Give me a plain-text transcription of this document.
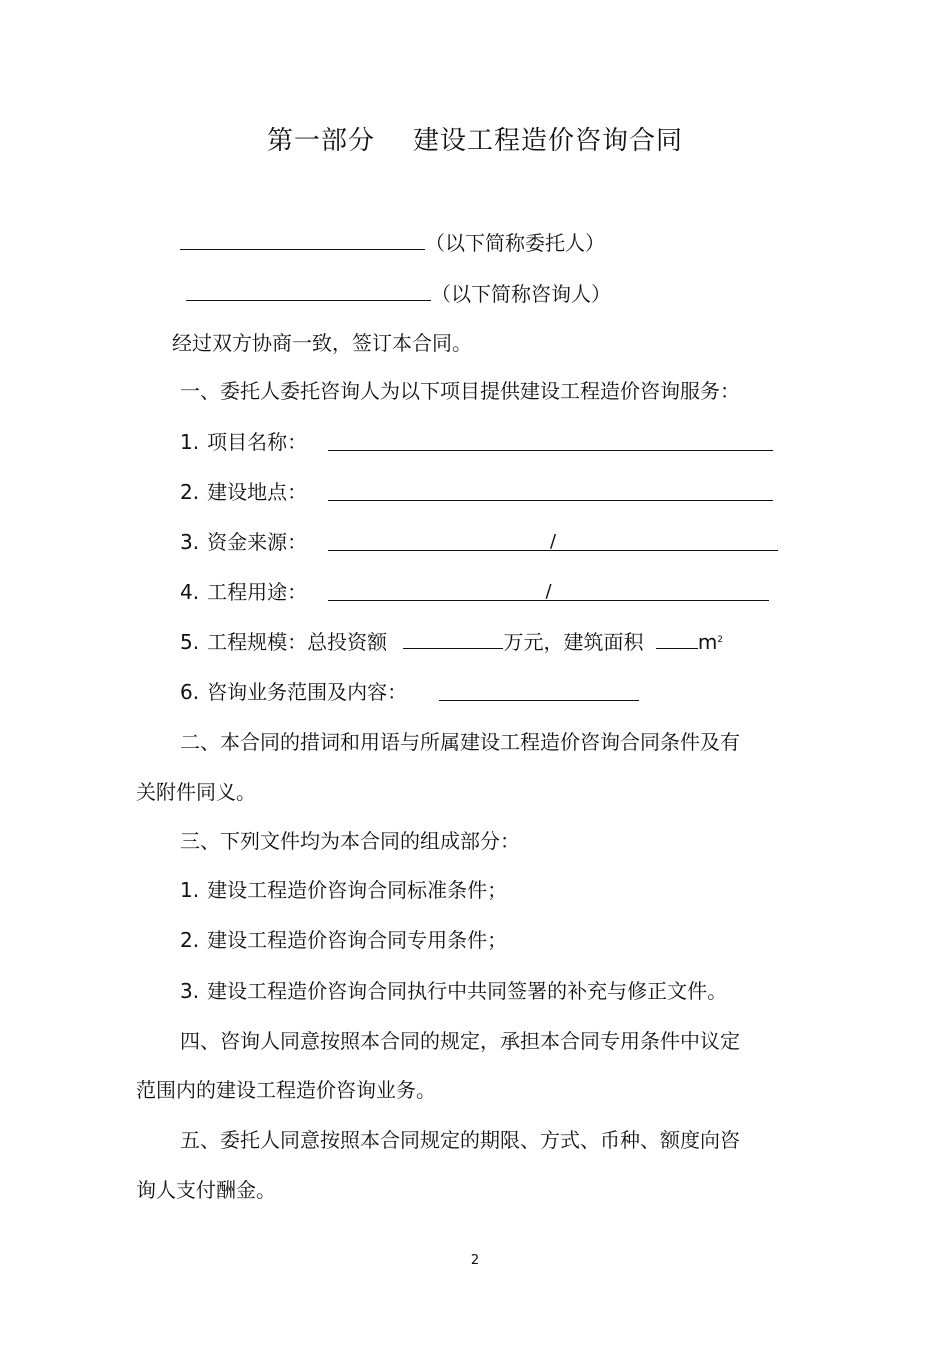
第一部分 建设工程造价咨询合同
（以下简称委托人）
（以下简称咨询人）
经过双方协商一致，签订本合同。
一、委托人委托咨询人为以下项目提供建设工程造价咨询服务：
1. 项目名称：
2. 建设地点：
3. 资金来源：	/
4. 工程用途：	/
5. 工程规模：总投资额	万元，建筑面积	$m^2$
6. 咨询业务范围及内容：
二、本合同的措词和用语与所属建设工程造价咨询合同条件及有
关附件同义。
三、下列文件均为本合同的组成部分：
1. 建设工程造价咨询合同标准条件；
2. 建设工程造价咨询合同专用条件；
3. 建设工程造价咨询合同执行中共同签署的补充与修正文件。
四、咨询人同意按照本合同的规定，承担本合同专用条件中议定
范围内的建设工程造价咨询业务。
五、委托人同意按照本合同规定的期限、方式、币种、额度向咨
询人支付酬金。
2
